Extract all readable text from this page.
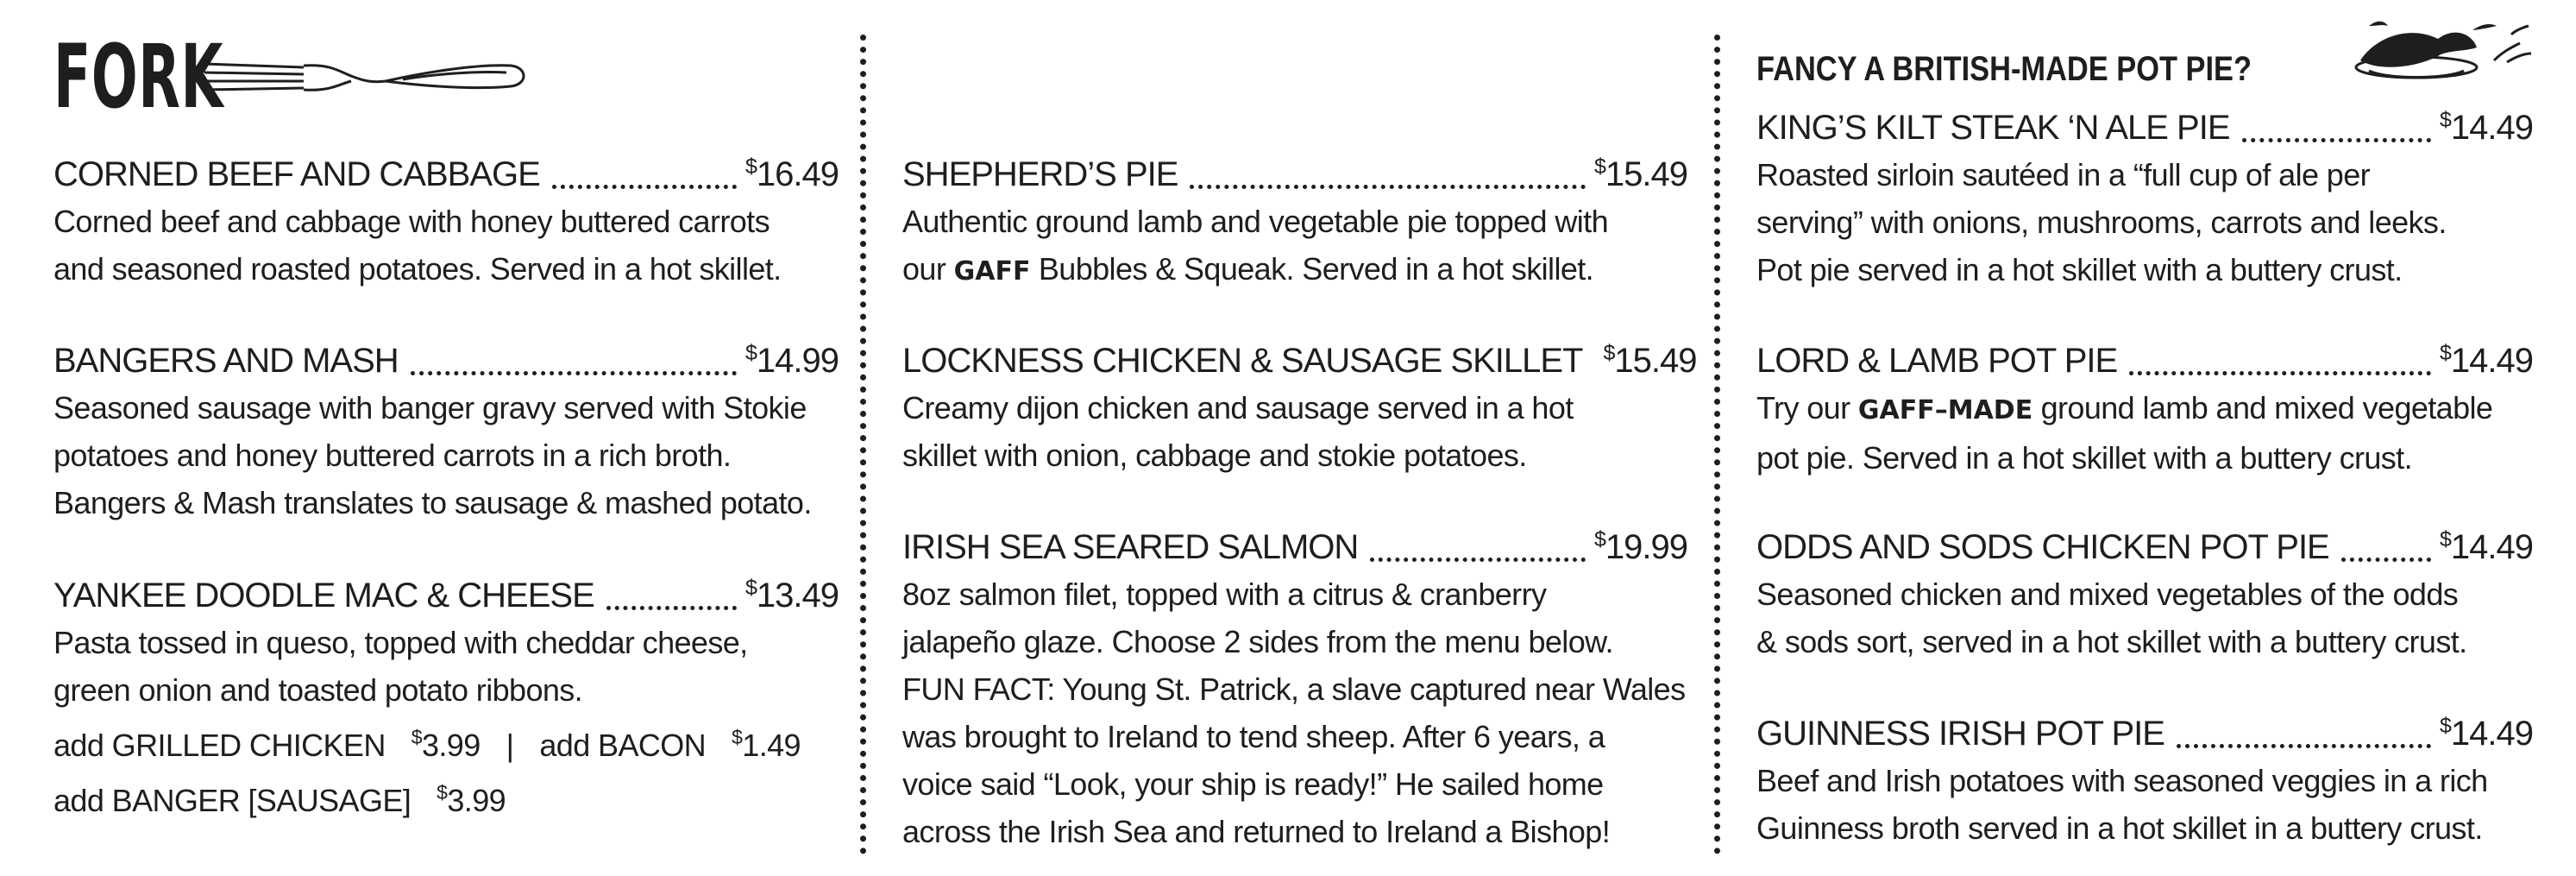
FORK
CORNED BEEF AND CABBAGE	$16.49
Corned beef and cabbage with honey buttered carrots
and seasoned roasted potatoes. Served in a hot skillet.
BANGERS AND MASH	$14.99
Seasoned sausage with banger gravy served with Stokie
potatoes and honey buttered carrots in a rich broth.
Bangers & Mash translates to sausage & mashed potato.
YANKEE DOODLE MAC & CHEESE	$13.49
Pasta tossed in queso, topped with cheddar cheese,
green onion and toasted potato ribbons.
add GRILLED CHICKEN $3.99 | add BACON $1.49
add BANGER [SAUSAGE] $3.99
SHEPHERD’S PIE	$15.49
Authentic ground lamb and vegetable pie topped with
our GAFF Bubbles & Squeak. Served in a hot skillet.
LOCKNESS CHICKEN & SAUSAGE SKILLET $15.49
Creamy dijon chicken and sausage served in a hot
skillet with onion, cabbage and stokie potatoes.
IRISH SEA SEARED SALMON	$19.99
8oz salmon filet, topped with a citrus & cranberry
jalapeño glaze. Choose 2 sides from the menu below.
FUN FACT: Young St. Patrick, a slave captured near Wales
was brought to Ireland to tend sheep. After 6 years, a
voice said “Look, your ship is ready!” He sailed home
across the Irish Sea and returned to Ireland a Bishop!
FANCY A BRITISH-MADE POT PIE?
KING’S KILT STEAK ‘N ALE PIE	$14.49
Roasted sirloin sautéed in a “full cup of ale per
serving” with onions, mushrooms, carrots and leeks.
Pot pie served in a hot skillet with a buttery crust.
LORD & LAMB POT PIE	$14.49
Try our GAFF–MADE ground lamb and mixed vegetable
pot pie. Served in a hot skillet with a buttery crust.
ODDS AND SODS CHICKEN POT PIE	$14.49
Seasoned chicken and mixed vegetables of the odds
& sods sort, served in a hot skillet with a buttery crust.
GUINNESS IRISH POT PIE	$14.49
Beef and Irish potatoes with seasoned veggies in a rich
Guinness broth served in a hot skillet in a buttery crust.
